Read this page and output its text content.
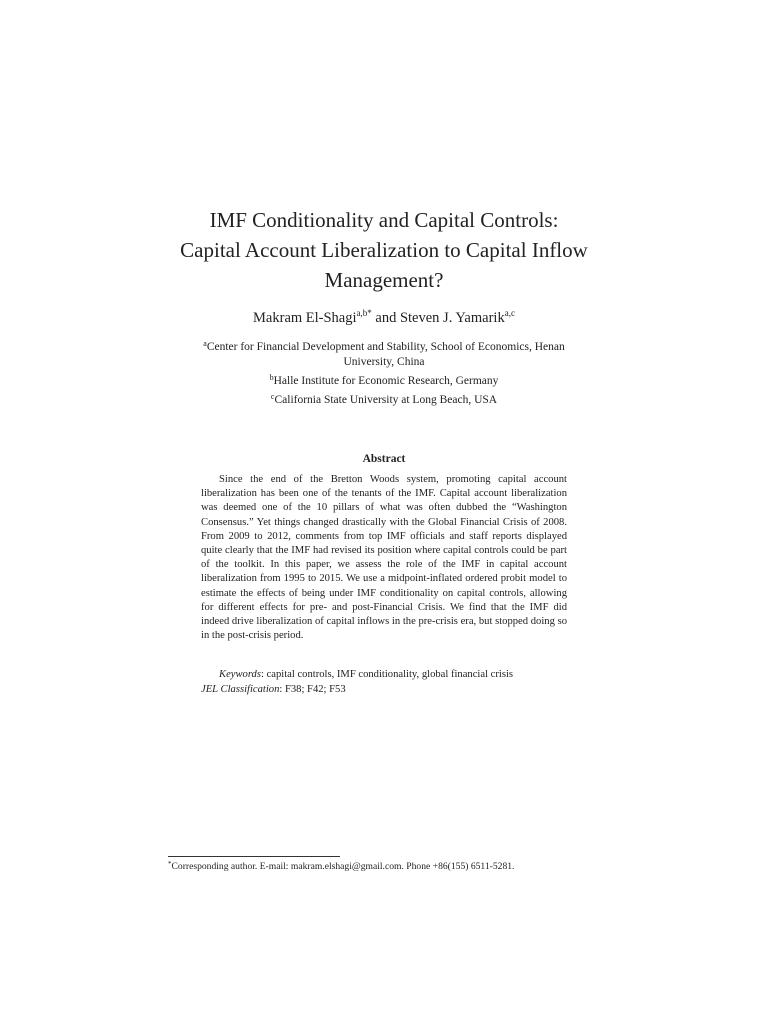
IMF Conditionality and Capital Controls:
Capital Account Liberalization to Capital Inflow
Management?
Makram El-Shagi$^{a,b*}$ and Steven J. Yamarik$^{a,c}$
$^a$Center for Financial Development and Stability, School of Economics, Henan
University, China
$^b$Halle Institute for Economic Research, Germany
$^c$California State University at Long Beach, USA
Abstract

Since the end of the Bretton Woods system, promoting capital account liberalization has been one of the tenants of the IMF. Capital account liberalization was deemed one of the 10 pillars of what was often dubbed the “Washington Consensus.” Yet things changed drastically with the Global Financial Crisis of 2008. From 2009 to 2012, comments from top IMF officials and staff reports displayed quite clearly that the IMF had revised its position where capital controls could be part of the toolkit. In this paper, we assess the role of the IMF in capital account liberalization from 1995 to 2015. We use a midpoint-inflated ordered probit model to estimate the effects of being under IMF conditionality on capital controls, allowing for different effects for pre- and post-Financial Crisis. We find that the IMF did indeed drive liberalization of capital inflows in the pre-crisis era, but stopped doing so in the post-crisis period.

Keywords: capital controls, IMF conditionality, global financial crisis
JEL Classification: F38; F42; F53
*Corresponding author. E-mail: makram.elshagi@gmail.com. Phone +86(155) 6511-5281.
